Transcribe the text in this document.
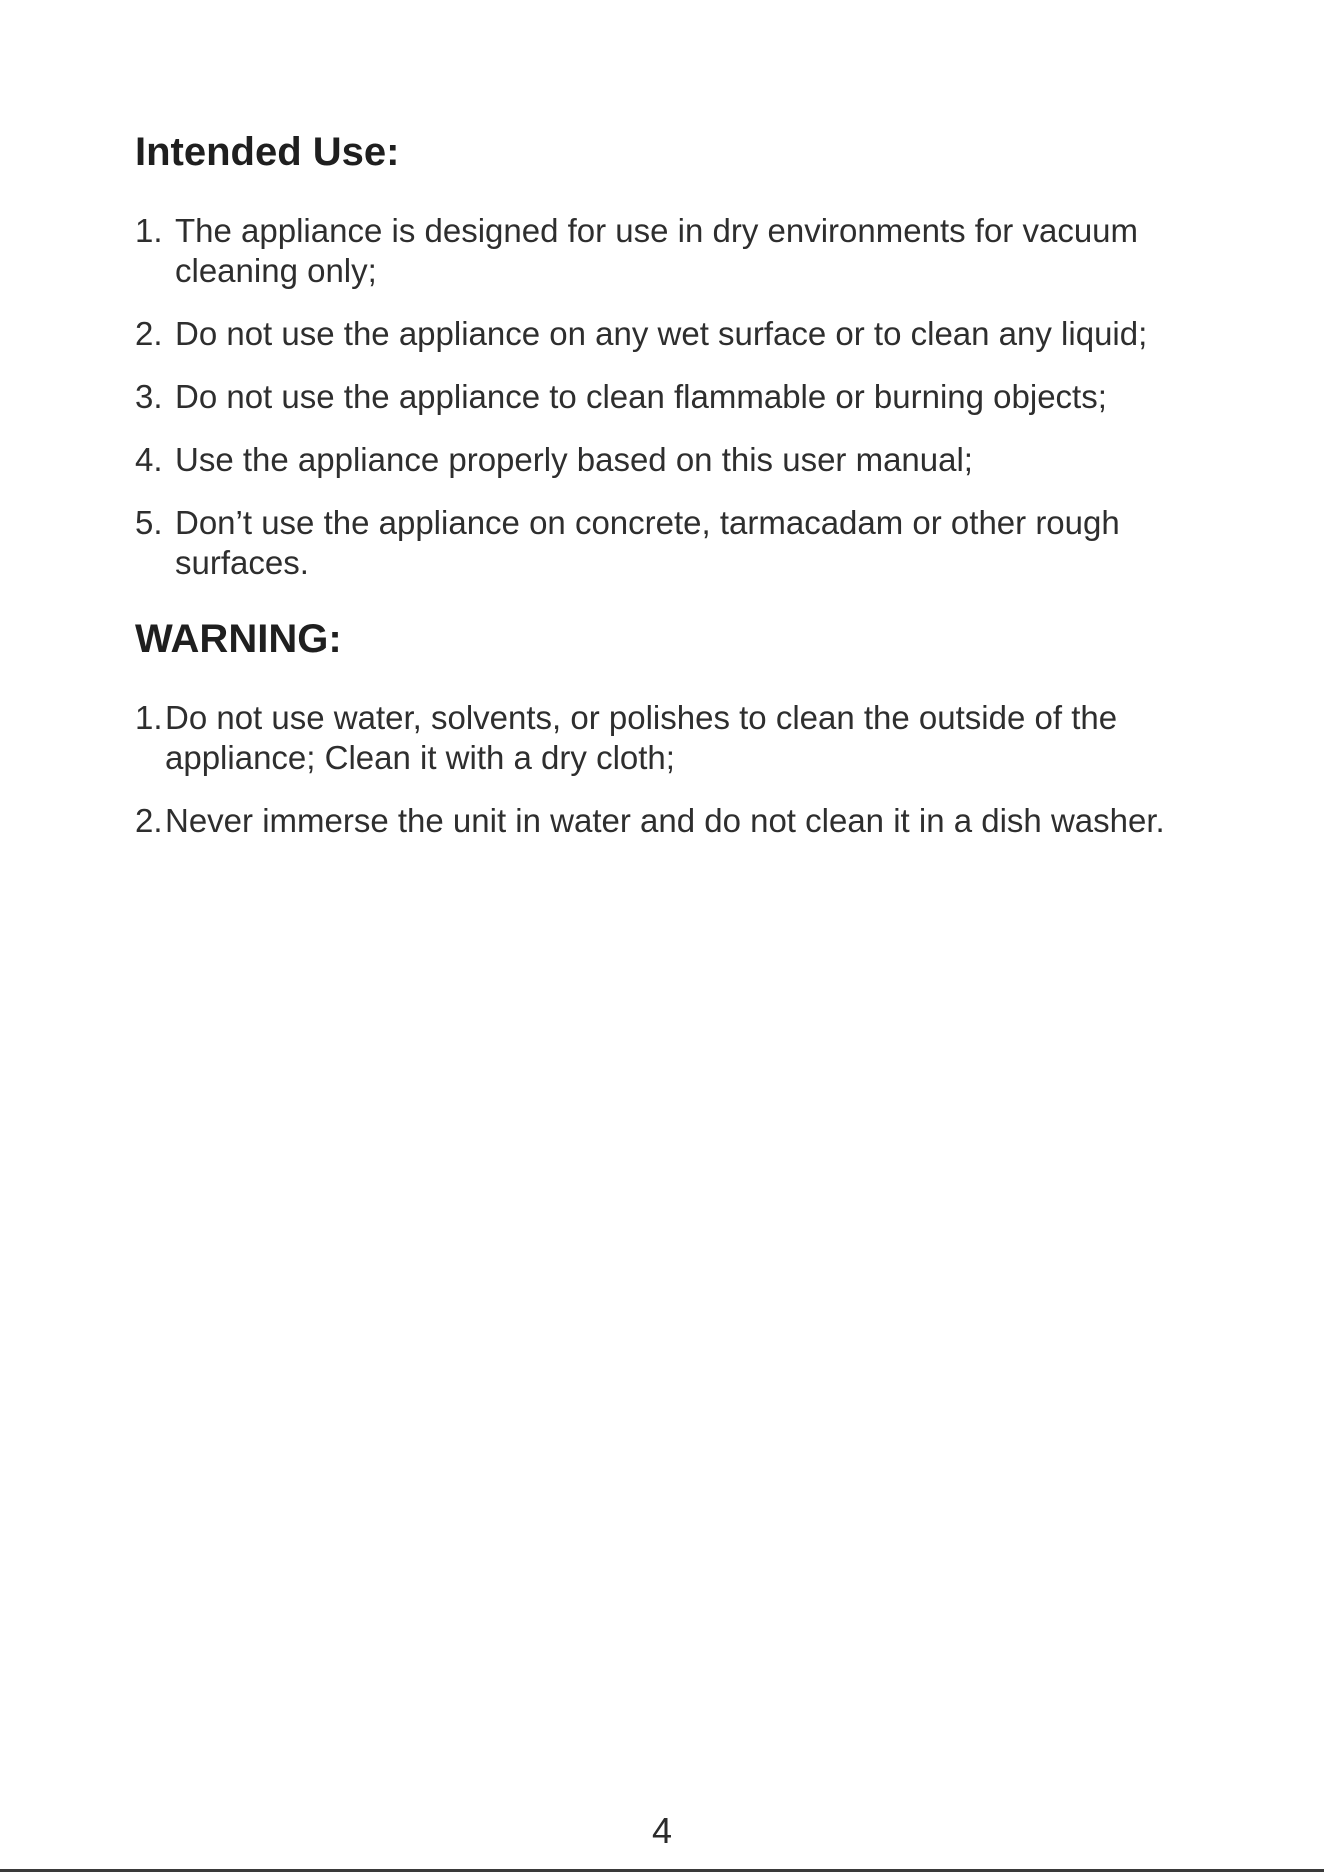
Intended Use:
1. The appliance is designed for use in dry environments for vacuum cleaning only;
2. Do not use the appliance on any wet surface or to clean any liquid;
3. Do not use the appliance to clean flammable or burning objects;
4. Use the appliance properly based on this user manual;
5. Don’t use the appliance on concrete, tarmacadam or other rough surfaces.
WARNING:
1. Do not use water, solvents, or polishes to clean the outside of the appliance; Clean it with a dry cloth;
2. Never immerse the unit in water and do not clean it in a dish washer.
4
